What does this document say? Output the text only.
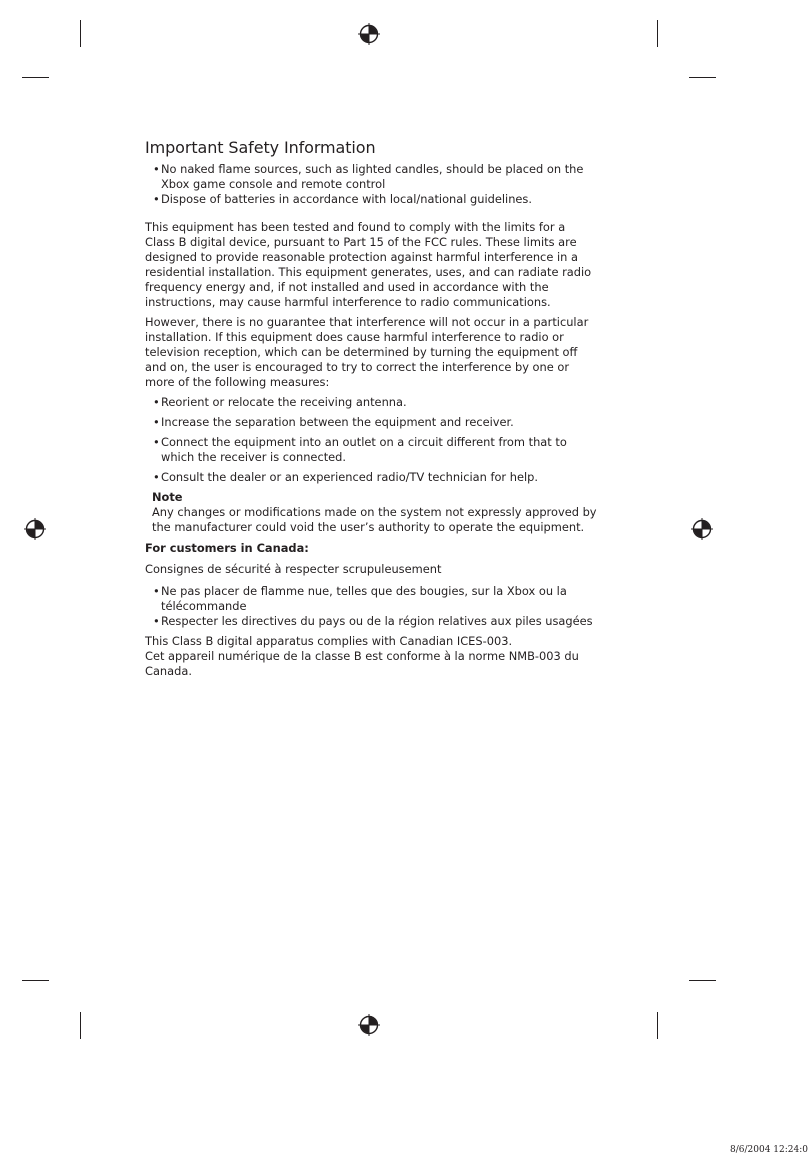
Important Safety Information
• No naked flame sources, such as lighted candles, should be placed on the Xbox game console and remote control
• Dispose of batteries in accordance with local/national guidelines.

This equipment has been tested and found to comply with the limits for a Class B digital device, pursuant to Part 15 of the FCC rules. These limits are designed to provide reasonable protection against harmful interference in a residential installation. This equipment generates, uses, and can radiate radio frequency energy and, if not installed and used in accordance with the instructions, may cause harmful interference to radio communications.

However, there is no guarantee that interference will not occur in a particular installation. If this equipment does cause harmful interference to radio or television reception, which can be determined by turning the equipment off and on, the user is encouraged to try to correct the interference by one or more of the following measures:

• Reorient or relocate the receiving antenna.
• Increase the separation between the equipment and receiver.
• Connect the equipment into an outlet on a circuit different from that to which the receiver is connected.
• Consult the dealer or an experienced radio/TV technician for help.

Note

Any changes or modifications made on the system not expressly approved by the manufacturer could void the user’s authority to operate the equipment.

For customers in Canada:

Consignes de sécurité à respecter scrupuleusement

• Ne pas placer de flamme nue, telles que des bougies, sur la Xbox ou la télécommande
• Respecter les directives du pays ou de la région relatives aux piles usagées

This Class B digital apparatus complies with Canadian ICES-003.

Cet appareil numérique de la classe B est conforme à la norme NMB-003 du Canada.

8/6/2004 12:24:0
